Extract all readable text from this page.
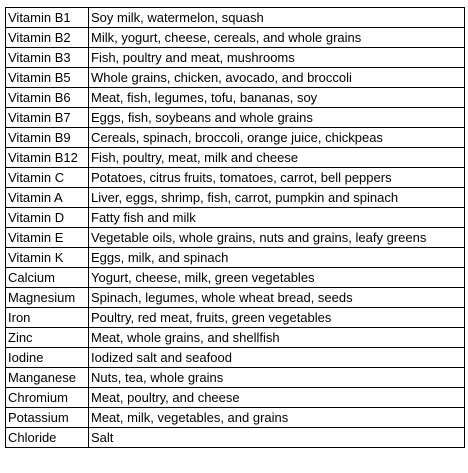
Vitamin B1	Soy milk, watermelon, squash
Vitamin B2	Milk, yogurt, cheese, cereals, and whole grains
Vitamin B3	Fish, poultry and meat, mushrooms
Vitamin B5	Whole grains, chicken, avocado, and broccoli
Vitamin B6	Meat, fish, legumes, tofu, bananas, soy
Vitamin B7	Eggs, fish, soybeans and whole grains
Vitamin B9	Cereals, spinach, broccoli, orange juice, chickpeas
Vitamin B12	Fish, poultry, meat, milk and cheese
Vitamin C	Potatoes, citrus fruits, tomatoes, carrot, bell peppers
Vitamin A	Liver, eggs, shrimp, fish, carrot, pumpkin and spinach
Vitamin D	Fatty fish and milk
Vitamin E	Vegetable oils, whole grains, nuts and grains, leafy greens
Vitamin K	Eggs, milk, and spinach
Calcium	Yogurt, cheese, milk, green vegetables
Magnesium	Spinach, legumes, whole wheat bread, seeds
Iron	Poultry, red meat, fruits, green vegetables
Zinc	Meat, whole grains, and shellfish
Iodine	Iodized salt and seafood
Manganese	Nuts, tea, whole grains
Chromium	Meat, poultry, and cheese
Potassium	Meat, milk, vegetables, and grains
Chloride	Salt
